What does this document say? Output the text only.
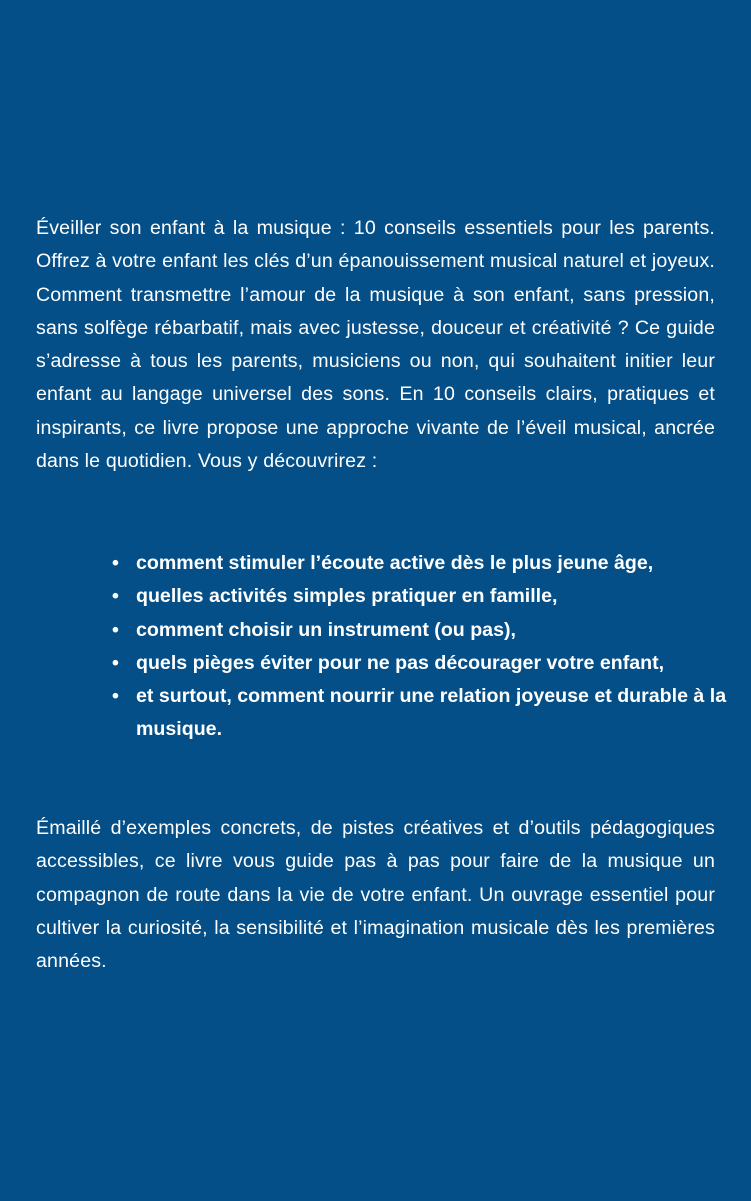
Éveiller son enfant à la musique : 10 conseils essentiels pour les parents. Offrez à votre enfant les clés d’un épanouissement musical naturel et joyeux. Comment transmettre l’amour de la musique à son enfant, sans pression, sans solfège rébarbatif, mais avec justesse, douceur et créativité ? Ce guide s’adresse à tous les parents, musiciens ou non, qui souhaitent initier leur enfant au langage universel des sons. En 10 conseils clairs, pratiques et inspirants, ce livre propose une approche vivante de l’éveil musical, ancrée dans le quotidien. Vous y découvrirez :

• comment stimuler l’écoute active dès le plus jeune âge,
• quelles activités simples pratiquer en famille,
• comment choisir un instrument (ou pas),
• quels pièges éviter pour ne pas décourager votre enfant,
• et surtout, comment nourrir une relation joyeuse et durable à la musique.

Émaillé d’exemples concrets, de pistes créatives et d’outils pédagogiques accessibles, ce livre vous guide pas à pas pour faire de la musique un compagnon de route dans la vie de votre enfant. Un ouvrage essentiel pour cultiver la curiosité, la sensibilité et l’imagination musicale dès les premières années.
